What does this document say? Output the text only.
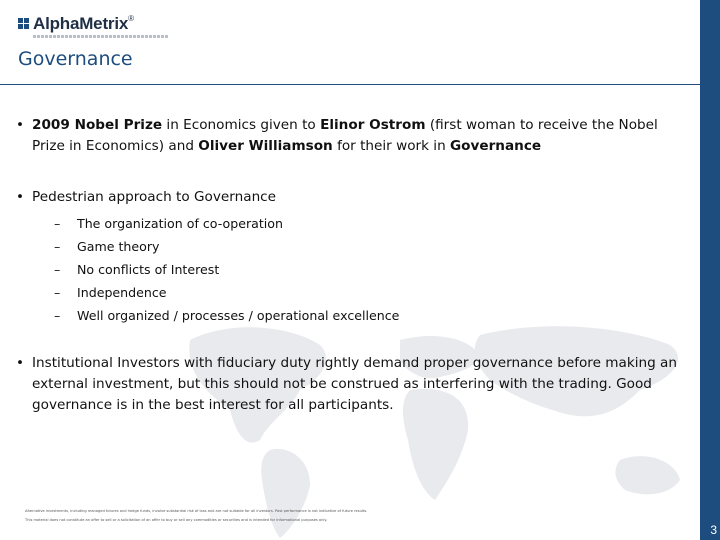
AlphaMetrix®
Governance
• 2009 Nobel Prize in Economics given to Elinor Ostrom (first woman to receive the Nobel Prize in Economics) and Oliver Williamson for their work in Governance
• Pedestrian approach to Governance
– The organization of co-operation
– Game theory
– No conflicts of Interest
– Independence
– Well organized / processes / operational excellence
• Institutional Investors with fiduciary duty rightly demand proper governance before making an external investment, but this should not be construed as interfering with the trading. Good governance is in the best interest for all participants.
Alternative investments, including managed futures and hedge funds, involve substantial risk of loss and are not suitable for all investors. Past performance is not indicative of future results.
This material does not constitute an offer to sell or a solicitation of an offer to buy or sell any commodities or securities and is intended for informational purposes only.
3
